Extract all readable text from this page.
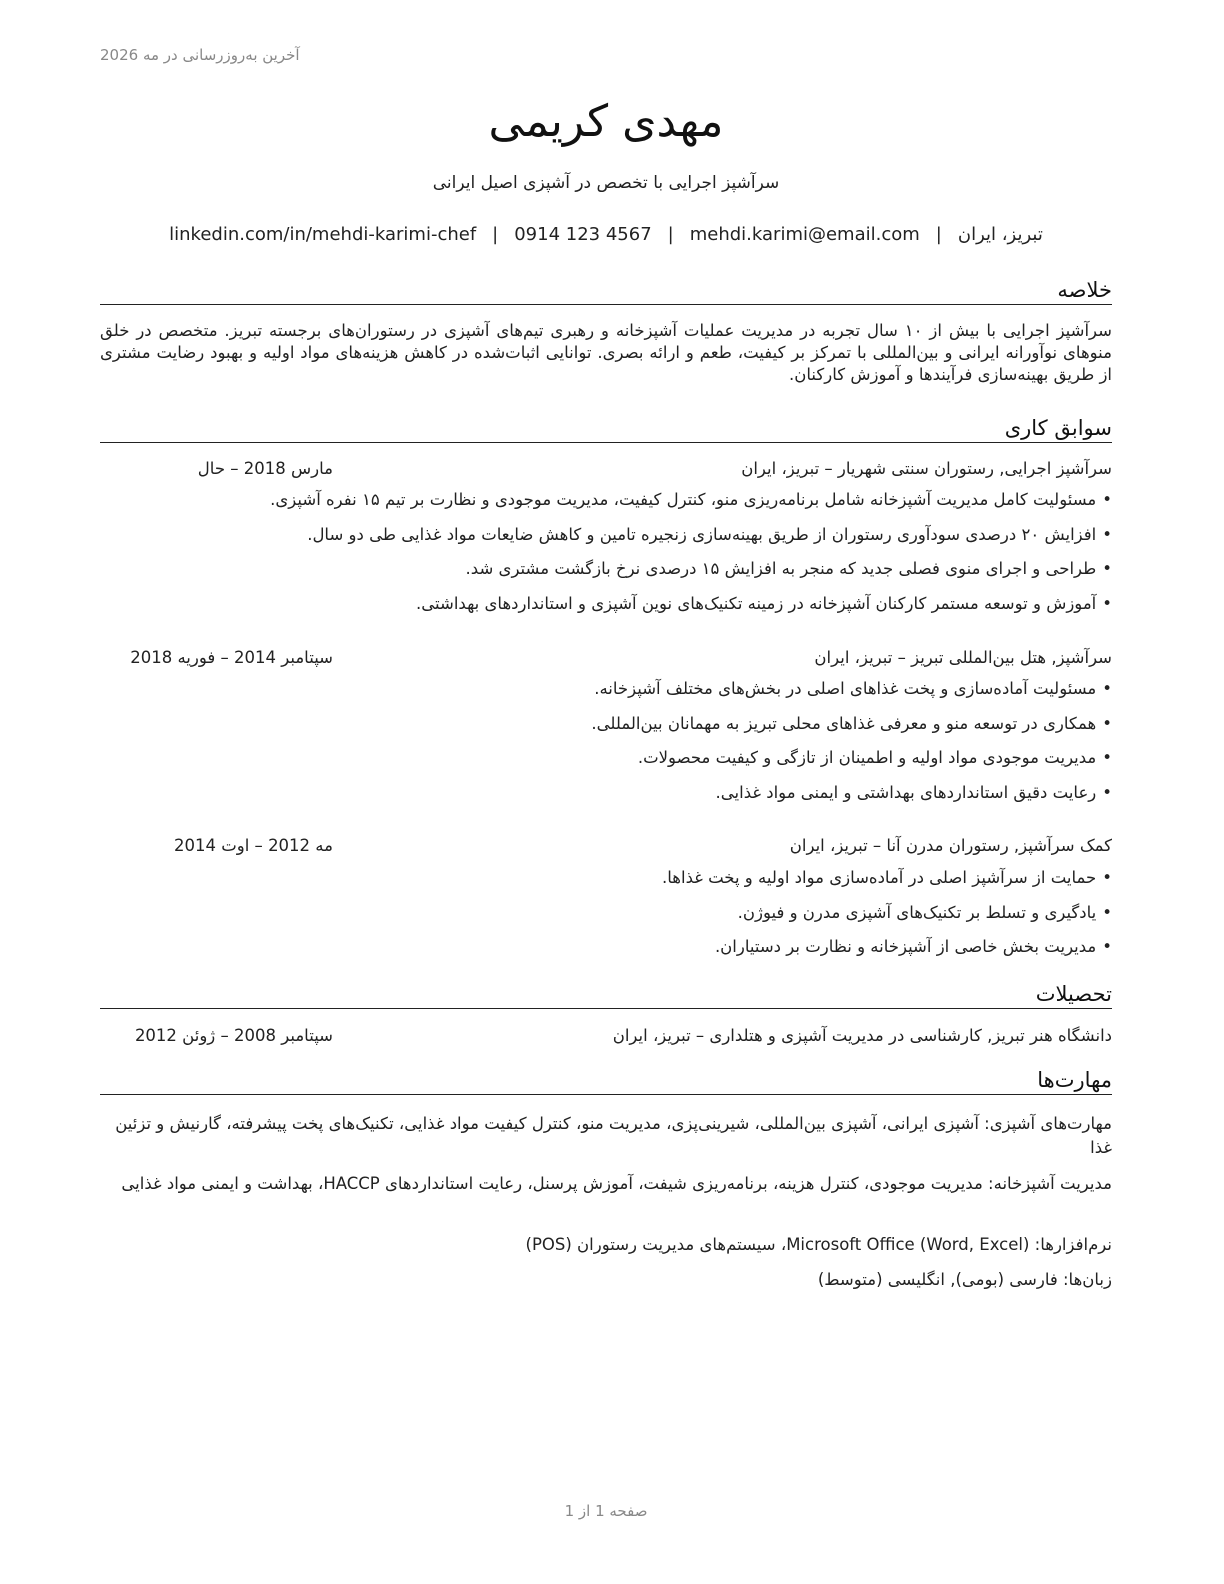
آخرین به‌روزرسانی در مه 2026
مهدی کریمی
سرآشپز اجرایی با تخصص در آشپزی اصیل ایرانی
تبریز، ایران|mehdi.karimi@email.com|0914 123 4567|linkedin.com/in/mehdi-karimi-chef
خلاصه
سرآشپز اجرایی با بیش از ۱۰ سال تجربه در مدیریت عملیات آشپزخانه و رهبری تیم‌های آشپزی در رستوران‌های برجسته تبریز. متخصص در خلق منوهای نوآورانه ایرانی و بین‌المللی با تمرکز بر کیفیت، طعم و ارائه بصری. توانایی اثبات‌شده در کاهش هزینه‌های مواد اولیه و بهبود رضایت مشتری از طریق بهینه‌سازی فرآیندها و آموزش کارکنان.
سوابق کاری
سرآشپز اجرایی, رستوران سنتی شهریار – تبریز، ایران
مارس 2018 – حال
• مسئولیت کامل مدیریت آشپزخانه شامل برنامه‌ریزی منو، کنترل کیفیت، مدیریت موجودی و نظارت بر تیم ۱۵ نفره آشپزی.
• افزایش ۲۰ درصدی سودآوری رستوران از طریق بهینه‌سازی زنجیره تامین و کاهش ضایعات مواد غذایی طی دو سال.
• طراحی و اجرای منوی فصلی جدید که منجر به افزایش ۱۵ درصدی نرخ بازگشت مشتری شد.
• آموزش و توسعه مستمر کارکنان آشپزخانه در زمینه تکنیک‌های نوین آشپزی و استانداردهای بهداشتی.
سرآشپز, هتل بین‌المللی تبریز – تبریز، ایران
سپتامبر 2014 – فوریه 2018
• مسئولیت آماده‌سازی و پخت غذاهای اصلی در بخش‌های مختلف آشپزخانه.
• همکاری در توسعه منو و معرفی غذاهای محلی تبریز به مهمانان بین‌المللی.
• مدیریت موجودی مواد اولیه و اطمینان از تازگی و کیفیت محصولات.
• رعایت دقیق استانداردهای بهداشتی و ایمنی مواد غذایی.
کمک سرآشپز, رستوران مدرن آنا – تبریز، ایران
مه 2012 – اوت 2014
• حمایت از سرآشپز اصلی در آماده‌سازی مواد اولیه و پخت غذاها.
• یادگیری و تسلط بر تکنیک‌های آشپزی مدرن و فیوژن.
• مدیریت بخش خاصی از آشپزخانه و نظارت بر دستیاران.
تحصیلات
دانشگاه هنر تبریز, کارشناسی در مدیریت آشپزی و هتلداری – تبریز، ایران
سپتامبر 2008 – ژوئن 2012
مهارت‌ها
مهارت‌های آشپزی: آشپزی ایرانی، آشپزی بین‌المللی، شیرینی‌پزی، مدیریت منو، کنترل کیفیت مواد غذایی، تکنیک‌های پخت پیشرفته، گارنیش و تزئین غذا
مدیریت آشپزخانه: مدیریت موجودی، کنترل هزینه، برنامه‌ریزی شیفت، آموزش پرسنل، رعایت استانداردهای HACCP، بهداشت و ایمنی مواد غذایی
نرم‌افزارها: Microsoft Office (Word, Excel)، سیستم‌های مدیریت رستوران (POS)
زبان‌ها: فارسی (بومی), انگلیسی (متوسط)
صفحه 1 از 1
